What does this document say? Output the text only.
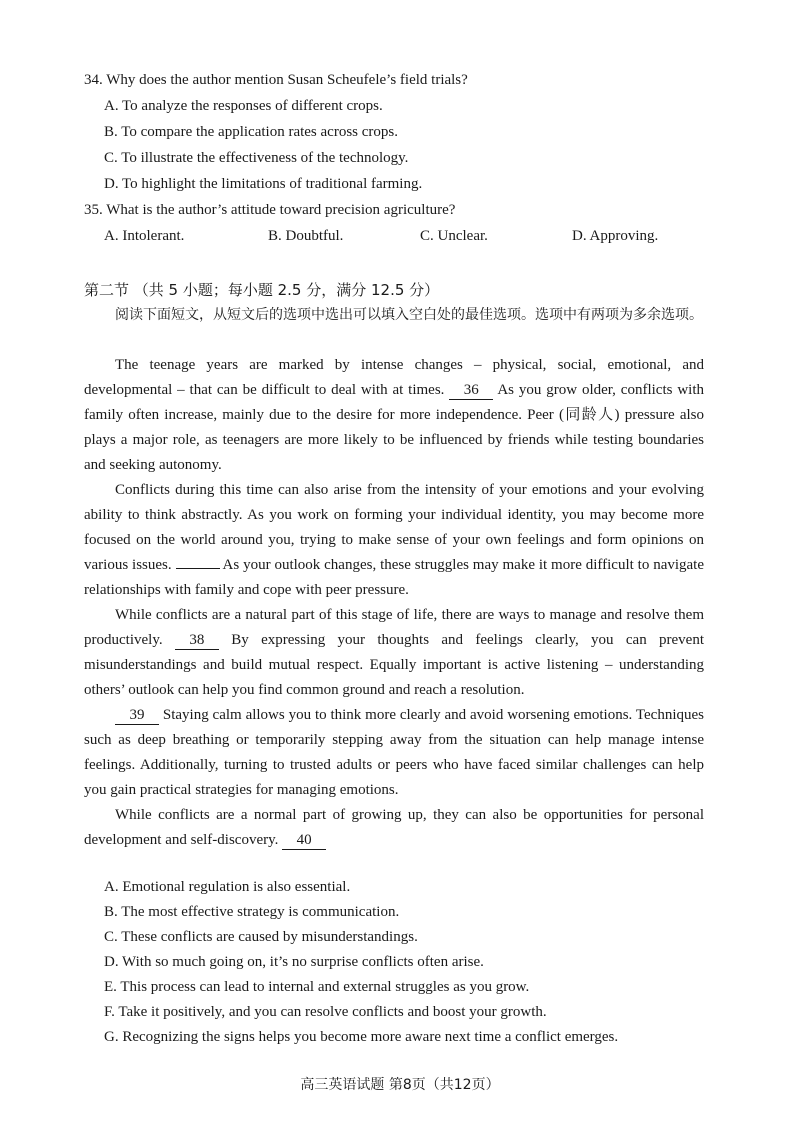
34. Why does the author mention Susan Scheufele’s field trials?
A. To analyze the responses of different crops.
B. To compare the application rates across crops.
C. To illustrate the effectiveness of the technology.
D. To highlight the limitations of traditional farming.
35. What is the author’s attitude toward precision agriculture?
A. Intolerant.	B. Doubtful.	C. Unclear.	D. Approving.
第二节 （共 5 小题；每小题 2.5 分，满分 12.5 分）
阅读下面短文，从短文后的选项中选出可以填入空白处的最佳选项。选项中有两项为多余选项。
The teenage years are marked by intense changes – physical, social, emotional, and developmental – that can be difficult to deal with at times. 36 As you grow older, conflicts with family often increase, mainly due to the desire for more independence. Peer (同龄人) pressure also plays a major role, as teenagers are more likely to be influenced by friends while testing boundaries and seeking autonomy.
Conflicts during this time can also arise from the intensity of your emotions and your evolving ability to think abstractly. As you work on forming your individual identity, you may become more focused on the world around you, trying to make sense of your own feelings and form opinions on various issues.	As your outlook changes, these struggles may make it more difficult to navigate relationships with family and cope with peer pressure.
While conflicts are a natural part of this stage of life, there are ways to manage and resolve them productively. 38 By expressing your thoughts and feelings clearly, you can prevent misunderstandings and build mutual respect. Equally important is active listening – understanding others’ outlook can help you find common ground and reach a resolution.
39 Staying calm allows you to think more clearly and avoid worsening emotions. Techniques such as deep breathing or temporarily stepping away from the situation can help manage intense feelings. Additionally, turning to trusted adults or peers who have faced similar challenges can help you gain practical strategies for managing emotions.
While conflicts are a normal part of growing up, they can also be opportunities for personal development and self-discovery. 40
A. Emotional regulation is also essential.
B. The most effective strategy is communication.
C. These conflicts are caused by misunderstandings.
D. With so much going on, it’s no surprise conflicts often arise.
E. This process can lead to internal and external struggles as you grow.
F. Take it positively, and you can resolve conflicts and boost your growth.
G. Recognizing the signs helps you become more aware next time a conflict emerges.
高三英语试题 第8页（共12页）
